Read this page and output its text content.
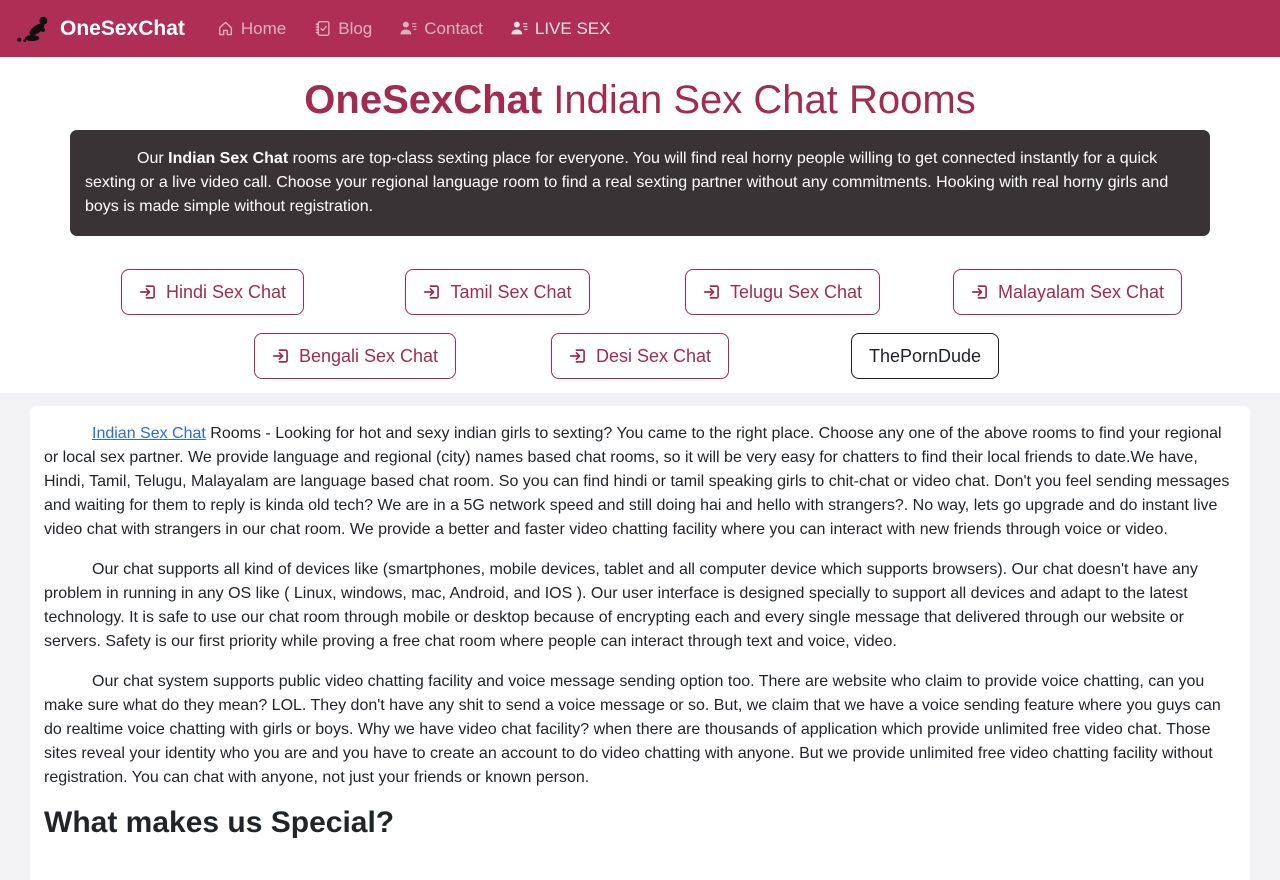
OneSexChat	Home	Blog	Contact	LIVE SEX
OneSexChat Indian Sex Chat Rooms
Our Indian Sex Chat rooms are top-class sexting place for everyone. You will find real horny people willing to get connected instantly for a quick sexting or a live video call. Choose your regional language room to find a real sexting partner without any commitments. Hooking with real horny girls and boys is made simple without registration.
Hindi Sex Chat	Tamil Sex Chat	Telugu Sex Chat	Malayalam Sex Chat
Bengali Sex Chat	Desi Sex Chat	ThePornDude

Indian Sex Chat Rooms - Looking for hot and sexy indian girls to sexting? You came to the right place. Choose any one of the above rooms to find your regional or local sex partner. We provide language and regional (city) names based chat rooms, so it will be very easy for chatters to find their local friends to date.We have, Hindi, Tamil, Telugu, Malayalam are language based chat room. So you can find hindi or tamil speaking girls to chit-chat or video chat. Don't you feel sending messages and waiting for them to reply is kinda old tech? We are in a 5G network speed and still doing hai and hello with strangers?. No way, lets go upgrade and do instant live video chat with strangers in our chat room. We provide a better and faster video chatting facility where you can interact with new friends through voice or video.

Our chat supports all kind of devices like (smartphones, mobile devices, tablet and all computer device which supports browsers). Our chat doesn't have any problem in running in any OS like ( Linux, windows, mac, Android, and IOS ). Our user interface is designed specially to support all devices and adapt to the latest technology. It is safe to use our chat room through mobile or desktop because of encrypting each and every single message that delivered through our website or servers. Safety is our first priority while proving a free chat room where people can interact through text and voice, video.

Our chat system supports public video chatting facility and voice message sending option too. There are website who claim to provide voice chatting, can you make sure what do they mean? LOL. They don't have any shit to send a voice message or so. But, we claim that we have a voice sending feature where you guys can do realtime voice chatting with girls or boys. Why we have video chat facility? when there are thousands of application which provide unlimited free video chat. Those sites reveal your identity who you are and you have to create an account to do video chatting with anyone. But we provide unlimited free video chatting facility without registration. You can chat with anyone, not just your friends or known person.

What makes us Special?
